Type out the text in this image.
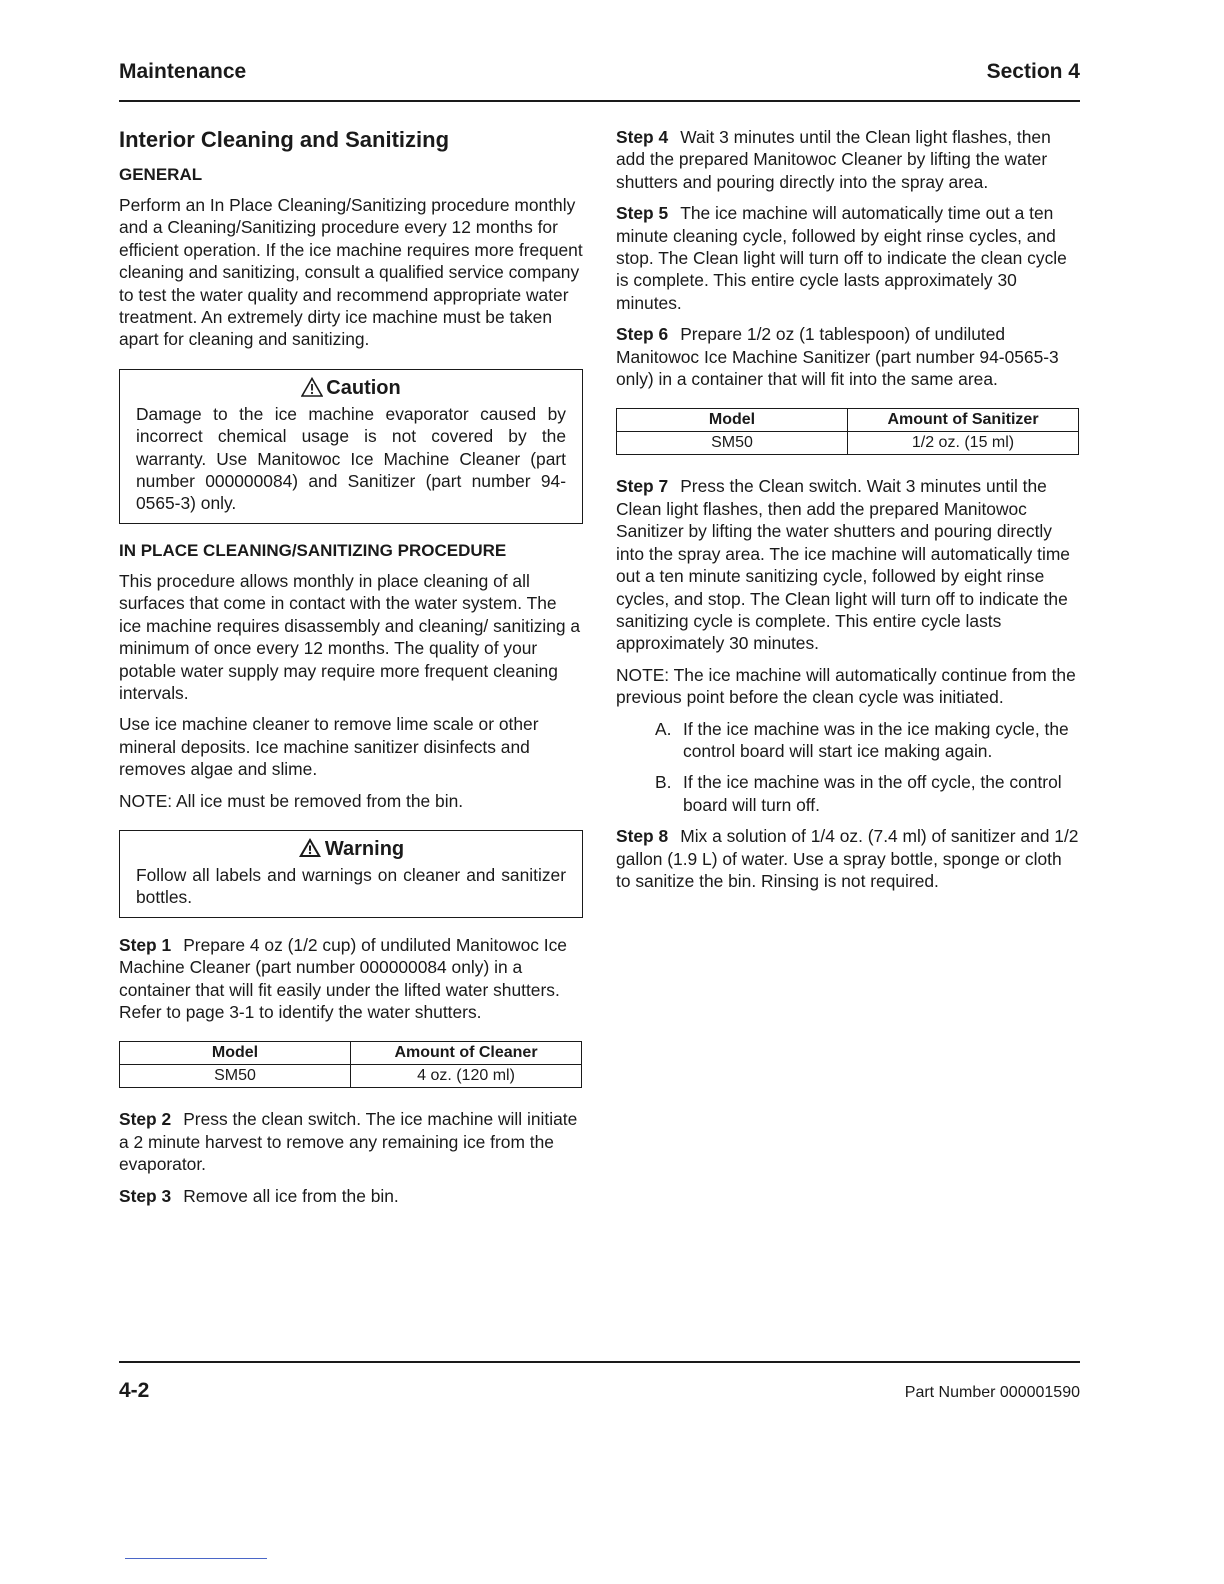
Maintenance	Section 4
Interior Cleaning and Sanitizing
GENERAL

Perform an In Place Cleaning/Sanitizing procedure monthly and a Cleaning/Sanitizing procedure every 12 months for efficient operation. If the ice machine requires more frequent cleaning and sanitizing, consult a qualified service company to test the water quality and recommend appropriate water treatment. An extremely dirty ice machine must be taken apart for cleaning and sanitizing.

Caution

Damage to the ice machine evaporator caused by incorrect chemical usage is not covered by the warranty. Use Manitowoc Ice Machine Cleaner (part number 000000084) and Sanitizer (part number 94-0565-3) only.

IN PLACE CLEANING/SANITIZING PROCEDURE

This procedure allows monthly in place cleaning of all surfaces that come in contact with the water system. The ice machine requires disassembly and cleaning/ sanitizing a minimum of once every 12 months. The quality of your potable water supply may require more frequent cleaning intervals.

Use ice machine cleaner to remove lime scale or other mineral deposits. Ice machine sanitizer disinfects and removes algae and slime.

NOTE: All ice must be removed from the bin.

Warning

Follow all labels and warnings on cleaner and sanitizer bottles.

Step 1 Prepare 4 oz (1/2 cup) of undiluted Manitowoc Ice Machine Cleaner (part number 000000084 only) in a container that will fit easily under the lifted water shutters. Refer to page 3-1 to identify the water shutters.

Model	Amount of Cleaner
SM50	4 oz. (120 ml)

Step 2 Press the clean switch. The ice machine will initiate a 2 minute harvest to remove any remaining ice from the evaporator.

Step 3 Remove all ice from the bin.

Step 4 Wait 3 minutes until the Clean light flashes, then add the prepared Manitowoc Cleaner by lifting the water shutters and pouring directly into the spray area.

Step 5 The ice machine will automatically time out a ten minute cleaning cycle, followed by eight rinse cycles, and stop. The Clean light will turn off to indicate the clean cycle is complete. This entire cycle lasts approximately 30 minutes.

Step 6 Prepare 1/2 oz (1 tablespoon) of undiluted Manitowoc Ice Machine Sanitizer (part number 94-0565-3 only) in a container that will fit into the same area.

Model	Amount of Sanitizer
SM50	1/2 oz. (15 ml)

Step 7 Press the Clean switch. Wait 3 minutes until the Clean light flashes, then add the prepared Manitowoc Sanitizer by lifting the water shutters and pouring directly into the spray area. The ice machine will automatically time out a ten minute sanitizing cycle, followed by eight rinse cycles, and stop. The Clean light will turn off to indicate the sanitizing cycle is complete. This entire cycle lasts approximately 30 minutes.

NOTE: The ice machine will automatically continue from the previous point before the clean cycle was initiated.

A. If the ice machine was in the ice making cycle, the control board will start ice making again.
B. If the ice machine was in the off cycle, the control board will turn off.

Step 8 Mix a solution of 1/4 oz. (7.4 ml) of sanitizer and 1/2 gallon (1.9 L) of water. Use a spray bottle, sponge or cloth to sanitize the bin. Rinsing is not required.

4-2	Part Number 000001590
